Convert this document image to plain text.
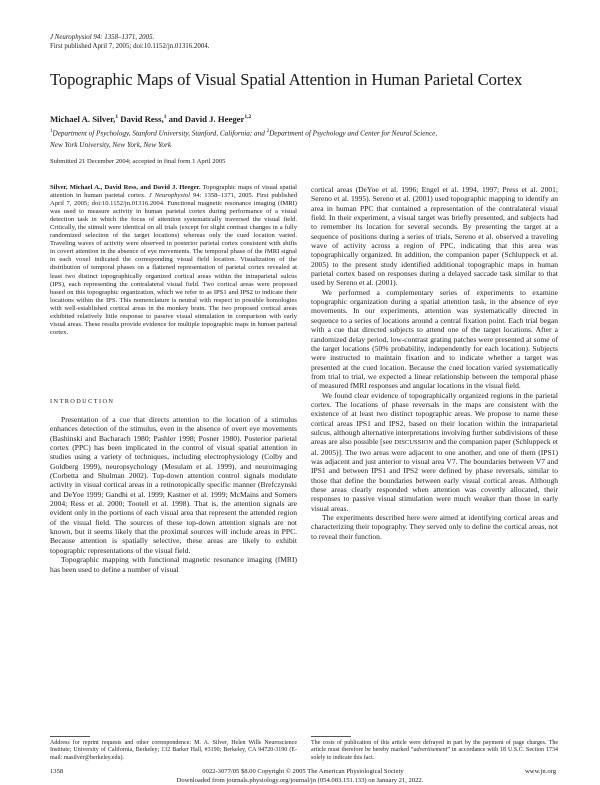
J Neurophysiol 94: 1358–1371, 2005.
First published April 7, 2005; doi:10.1152/jn.01316.2004.
Topographic Maps of Visual Spatial Attention in Human Parietal Cortex
Michael A. Silver,$^1$ David Ress,$^1$ and David J. Heeger$^{1,2}$
$^1$Department of Psychology, Stanford University, Stanford, California; and $^2$Department of Psychology and Center for Neural Science,
New York University, New York, New York
Submitted 21 December 2004; accepted in final form 1 April 2005
Silver, Michael A., David Ress, and David J. Heeger. Topographic maps of visual spatial attention in human parietal cortex. J Neurophysiol 94: 1358–1371, 2005. First published April 7, 2005; doi:10.1152/jn.01316.2004. Functional magnetic resonance imaging (fMRI) was used to measure activity in human parietal cortex during performance of a visual detection task in which the focus of attention systematically traversed the visual field. Critically, the stimuli were identical on all trials (except for slight contrast changes in a fully randomized selection of the target locations) whereas only the cued location varied. Traveling waves of activity were observed in posterior parietal cortex consistent with shifts in covert attention in the absence of eye movements. The temporal phase of the fMRI signal in each voxel indicated the corresponding visual field location. Visualization of the distribution of temporal phases on a flattened representation of parietal cortex revealed at least two distinct topographically organized cortical areas within the intraparietal sulcus (IPS), each representing the contralateral visual field. Two cortical areas were proposed based on this topographic organization, which we refer to as IPS1 and IPS2 to indicate their locations within the IPS. This nomenclature is neutral with respect to possible homologies with well-established cortical areas in the monkey brain. The two proposed cortical areas exhibited relatively little response to passive visual stimulation in comparison with early visual areas. These results provide evidence for multiple topographic maps in human parietal cortex.
INTRODUCTION

Presentation of a cue that directs attention to the location of a stimulus enhances detection of the stimulus, even in the absence of overt eye movements (Bashinski and Bacharach 1980; Pashler 1998; Posner 1980). Posterior parietal cortex (PPC) has been implicated in the control of visual spatial attention in studies using a variety of techniques, including electrophysiology (Colby and Goldberg 1999), neuropsychology (Mesulam et al. 1999), and neuroimaging (Corbetta and Shulman 2002). Top-down attention control signals modulate activity in visual cortical areas in a retinotopically specific manner (Brefczynski and DeYoe 1999; Gandhi et al. 1999; Kastner et al. 1999; McMains and Somers 2004; Ress et al. 2000; Tootell et al. 1998). That is, the attention signals are evident only in the portions of each visual area that represent the attended region of the visual field. The sources of these top-down attention signals are not known, but it seems likely that the proximal sources will include areas in PPC. Because attention is spatially selective, these areas are likely to exhibit topographic representations of the visual field.

Topographic mapping with functional magnetic resonance imaging (fMRI) has been used to define a number of visual

cortical areas (DeYoe et al. 1996; Engel et al. 1994, 1997; Press et al. 2001; Sereno et al. 1995). Sereno et al. (2001) used topographic mapping to identify an area in human PPC that contained a representation of the contralateral visual field. In their experiment, a visual target was briefly presented, and subjects had to remember its location for several seconds. By presenting the target at a sequence of positions during a series of trials, Sereno et al. observed a traveling wave of activity across a region of PPC, indicating that this area was topographically organized. In addition, the companion paper (Schluppeck et al. 2005) to the present study identified additional topographic maps in human parietal cortex based on responses during a delayed saccade task similar to that used by Sereno et al. (2001).

We performed a complementary series of experiments to examine topographic organization during a spatial attention task, in the absence of eye movements. In our experiments, attention was systematically directed in sequence to a series of locations around a central fixation point. Each trial began with a cue that directed subjects to attend one of the target locations. After a randomized delay period, low-contrast grating patches were presented at some of the target locations (50% probability, independently for each location). Subjects were instructed to maintain fixation and to indicate whether a target was presented at the cued location. Because the cued location varied systematically from trial to trial, we expected a linear relationship between the temporal phase of measured fMRI responses and angular locations in the visual field.

We found clear evidence of topographically organized regions in the parietal cortex. The locations of phase reversals in the maps are consistent with the existence of at least two distinct topographic areas. We propose to name these cortical areas IPS1 and IPS2, based on their location within the intraparietal sulcus, although alternative interpretations involving further subdivisions of these areas are also possible [see DISCUSSION and the companion paper (Schluppeck et al. 2005)]. The two areas were adjacent to one another, and one of them (IPS1) was adjacent and just anterior to visual area V7. The boundaries between V7 and IPS1 and between IPS1 and IPS2 were defined by phase reversals, similar to those that define the boundaries between early visual cortical areas. Although these areas clearly responded when attention was covertly allocated, their responses to passive visual stimulation were much weaker than those in early visual areas.

The experiments described here were aimed at identifying cortical areas and characterizing their topography. They served only to define the cortical areas, not to reveal their function.

Address for reprint requests and other correspondence: M. A. Silver, Helen Wills Neuroscience Institute; University of California, Berkeley; 132 Barker Hall, #3190; Berkeley, CA 94720-3190 (E-mail: masilver@berkeley.edu).
The costs of publication of this article were defrayed in part by the payment of page charges. The article must therefore be hereby marked “advertisement” in accordance with 18 U.S.C. Section 1734 solely to indicate this fact.
0022-3077/05 $8.00 Copyright © 2005 The American Physiological Society
1358	www.jn.org
Downloaded from journals.physiology.org/journal/jn (054.083.151.133) on January 21, 2022.
